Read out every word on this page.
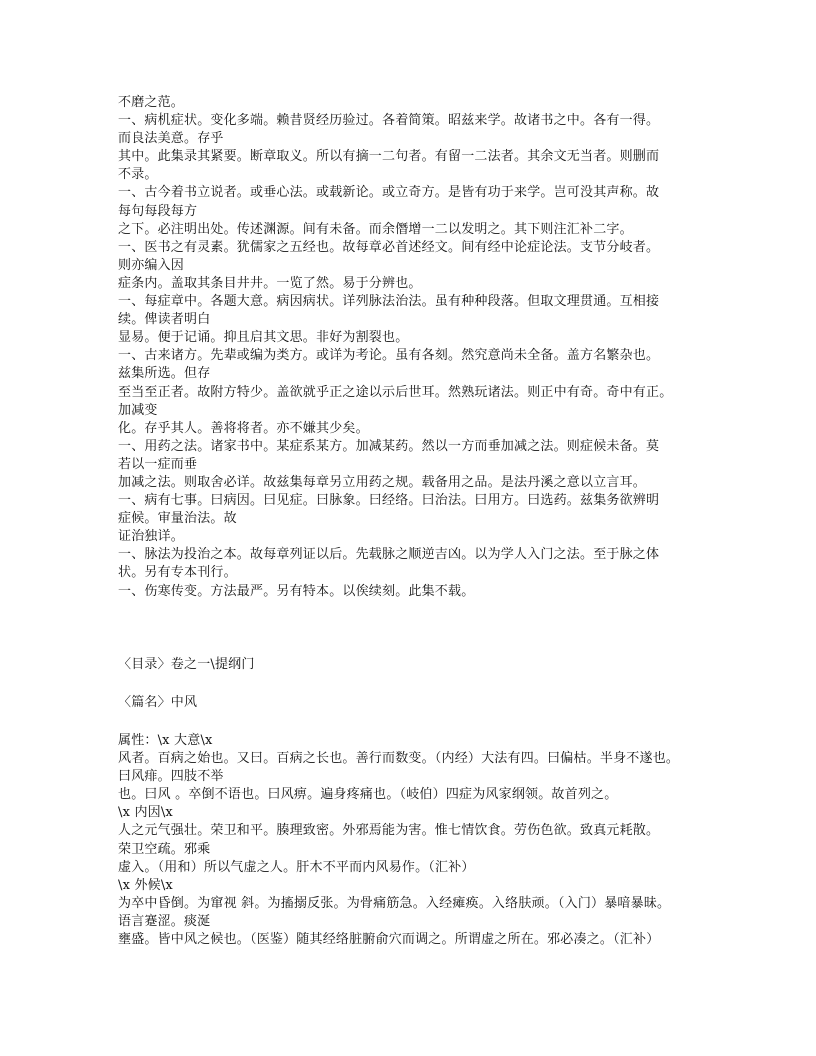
不磨之范。
一、病机症状。变化多端。赖昔贤经历验过。各着简策。昭兹来学。故诸书之中。各有一得。
而良法美意。存乎
其中。此集录其紧要。断章取义。所以有摘一二句者。有留一二法者。其余文无当者。则删而
不录。
一、古今着书立说者。或垂心法。或载新论。或立奇方。是皆有功于来学。岂可没其声称。故
每句每段每方
之下。必注明出处。传述渊源。间有未备。而余僭增一二以发明之。其下则注汇补二字。
一、医书之有灵素。犹儒家之五经也。故每章必首述经文。间有经中论症论法。支节分岐者。
则亦编入因
症条内。盖取其条目井井。一览了然。易于分辨也。
一、每症章中。各题大意。病因病状。详列脉法治法。虽有种种段落。但取文理贯通。互相接
续。俾读者明白
显易。便于记诵。抑且启其文思。非好为割裂也。
一、古来诸方。先辈或编为类方。或详为考论。虽有各刻。然究意尚未全备。盖方名繁杂也。
兹集所选。但存
至当至正者。故附方特少。盖欲就乎正之途以示后世耳。然熟玩诸法。则正中有奇。奇中有正。
加减变
化。存乎其人。善将将者。亦不嫌其少矣。
一、用药之法。诸家书中。某症系某方。加减某药。然以一方而垂加减之法。则症候未备。莫
若以一症而垂
加减之法。则取舍必详。故兹集每章另立用药之规。载备用之品。是法丹溪之意以立言耳。
一、病有七事。曰病因。曰见症。曰脉象。曰经络。曰治法。曰用方。曰选药。兹集务欲辨明
症候。审量治法。故
证治独详。
一、脉法为投治之本。故每章列证以后。先载脉之顺逆吉凶。以为学人入门之法。至于脉之体
状。另有专本刊行。
一、伤寒传变。方法最严。另有特本。以俟续刻。此集不载。
〈目录〉卷之一\提纲门
〈篇名〉中风
属性：\x 大意\x
风者。百病之始也。又曰。百病之长也。善行而数变。（内经）大法有四。曰偏枯。半身不遂也。
曰风痱。四肢不举
也。曰风 。卒倒不语也。曰风痹。遍身疼痛也。（岐伯）四症为风家纲领。故首列之。
\x 内因\x
人之元气强壮。荣卫和平。腠理致密。外邪焉能为害。惟七情饮食。劳伤色欲。致真元耗散。
荣卫空疏。邪乘
虚入。（用和）所以气虚之人。肝木不平而内风易作。（汇补）
\x 外候\x
为卒中昏倒。为窜视 斜。为搐搦反张。为骨痛筋急。入经瘫痪。入络肤顽。（入门）暴喑暴昧。
语言蹇涩。痰涎
壅盛。皆中风之候也。（医鉴）随其经络脏腑俞穴而调之。所谓虚之所在。邪必凑之。（汇补）
